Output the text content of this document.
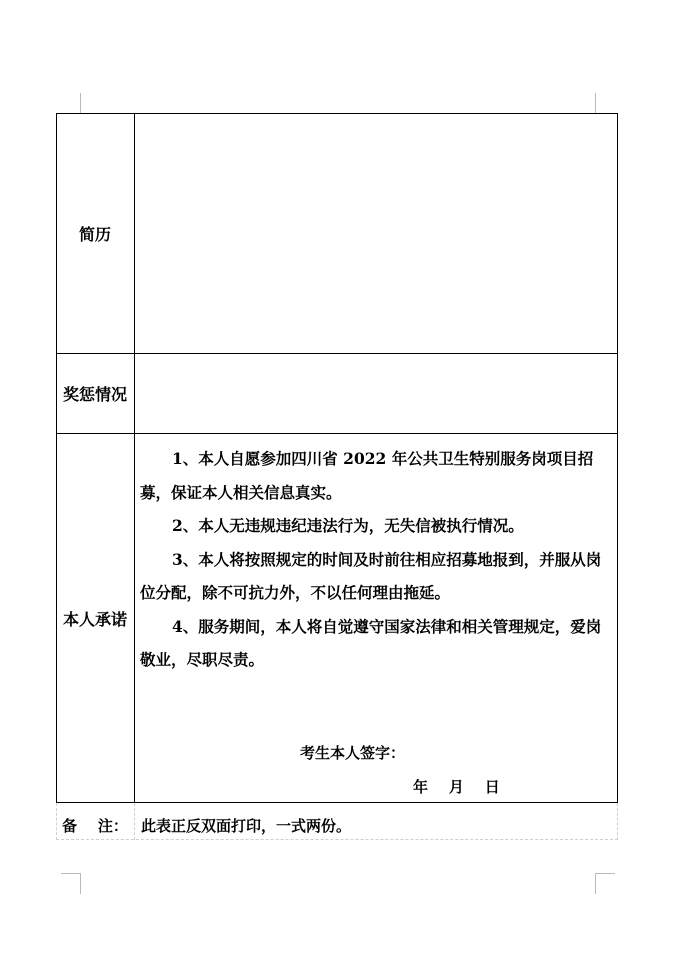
简历
奖惩情况
本人承诺

1、本人自愿参加四川省 2022 年公共卫生特别服务岗项目招募，保证本人相关信息真实。

2、本人无违规违纪违法行为，无失信被执行情况。

3、本人将按照规定的时间及时前往相应招募地报到，并服从岗位分配，除不可抗力外，不以任何理由拖延。

4、服务期间，本人将自觉遵守国家法律和相关管理规定，爱岗敬业，尽职尽责。

考生本人签字：
年    月    日
备    注： 此表正反双面打印，一式两份。
